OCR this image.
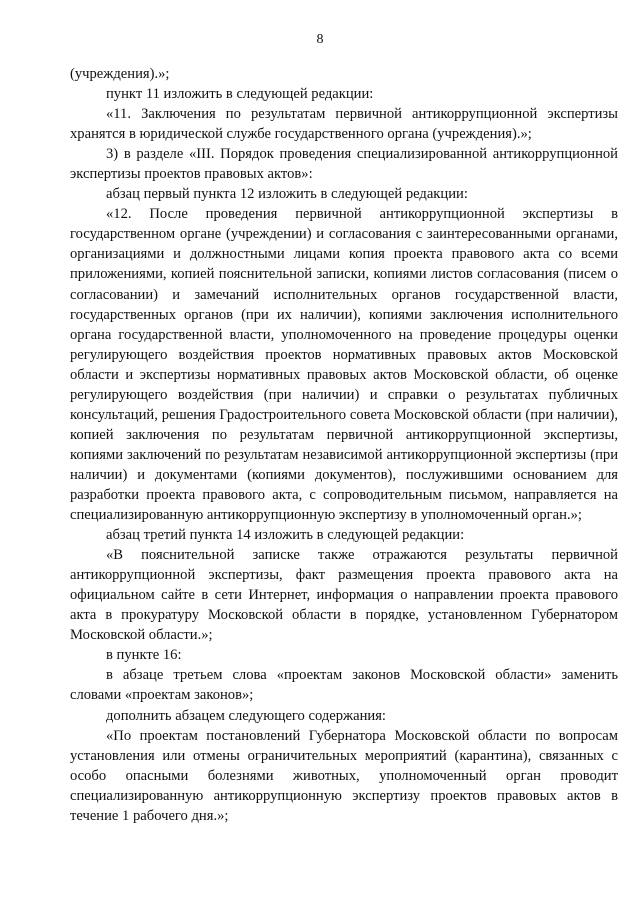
8

(учреждения).»;

пункт 11 изложить в следующей редакции:

«11. Заключения по результатам первичной антикоррупционной экспертизы хранятся в юридической службе государственного органа (учреждения).»;

3) в разделе «III. Порядок проведения специализированной антикоррупционной экспертизы проектов правовых актов»:

абзац первый пункта 12 изложить в следующей редакции:

«12. После проведения первичной антикоррупционной экспертизы в государственном органе (учреждении) и согласования с заинтересованными органами, организациями и должностными лицами копия проекта правового акта со всеми приложениями, копией пояснительной записки, копиями листов согласования (писем о согласовании) и замечаний исполнительных органов государственной власти, государственных органов (при их наличии), копиями заключения исполнительного органа государственной власти, уполномоченного на проведение процедуры оценки регулирующего воздействия проектов нормативных правовых актов Московской области и экспертизы нормативных правовых актов Московской области, об оценке регулирующего воздействия (при наличии) и справки о результатах публичных консультаций, решения Градостроительного совета Московской области (при наличии), копией заключения по результатам первичной антикоррупционной экспертизы, копиями заключений по результатам независимой антикоррупционной экспертизы (при наличии) и документами (копиями документов), послужившими основанием для разработки проекта правового акта, с сопроводительным письмом, направляется на специализированную антикоррупционную экспертизу в уполномоченный орган.»;

абзац третий пункта 14 изложить в следующей редакции:

«В пояснительной записке также отражаются результаты первичной антикоррупционной экспертизы, факт размещения проекта правового акта на официальном сайте в сети Интернет, информация о направлении проекта правового акта в прокуратуру Московской области в порядке, установленном Губернатором Московской области.»;

в пункте 16:

в абзаце третьем слова «проектам законов Московской области» заменить словами «проектам законов»;

дополнить абзацем следующего содержания:

«По проектам постановлений Губернатора Московской области по вопросам установления или отмены ограничительных мероприятий (карантина), связанных с особо опасными болезнями животных, уполномоченный орган проводит специализированную антикоррупционную экспертизу проектов правовых актов в течение 1 рабочего дня.»;
